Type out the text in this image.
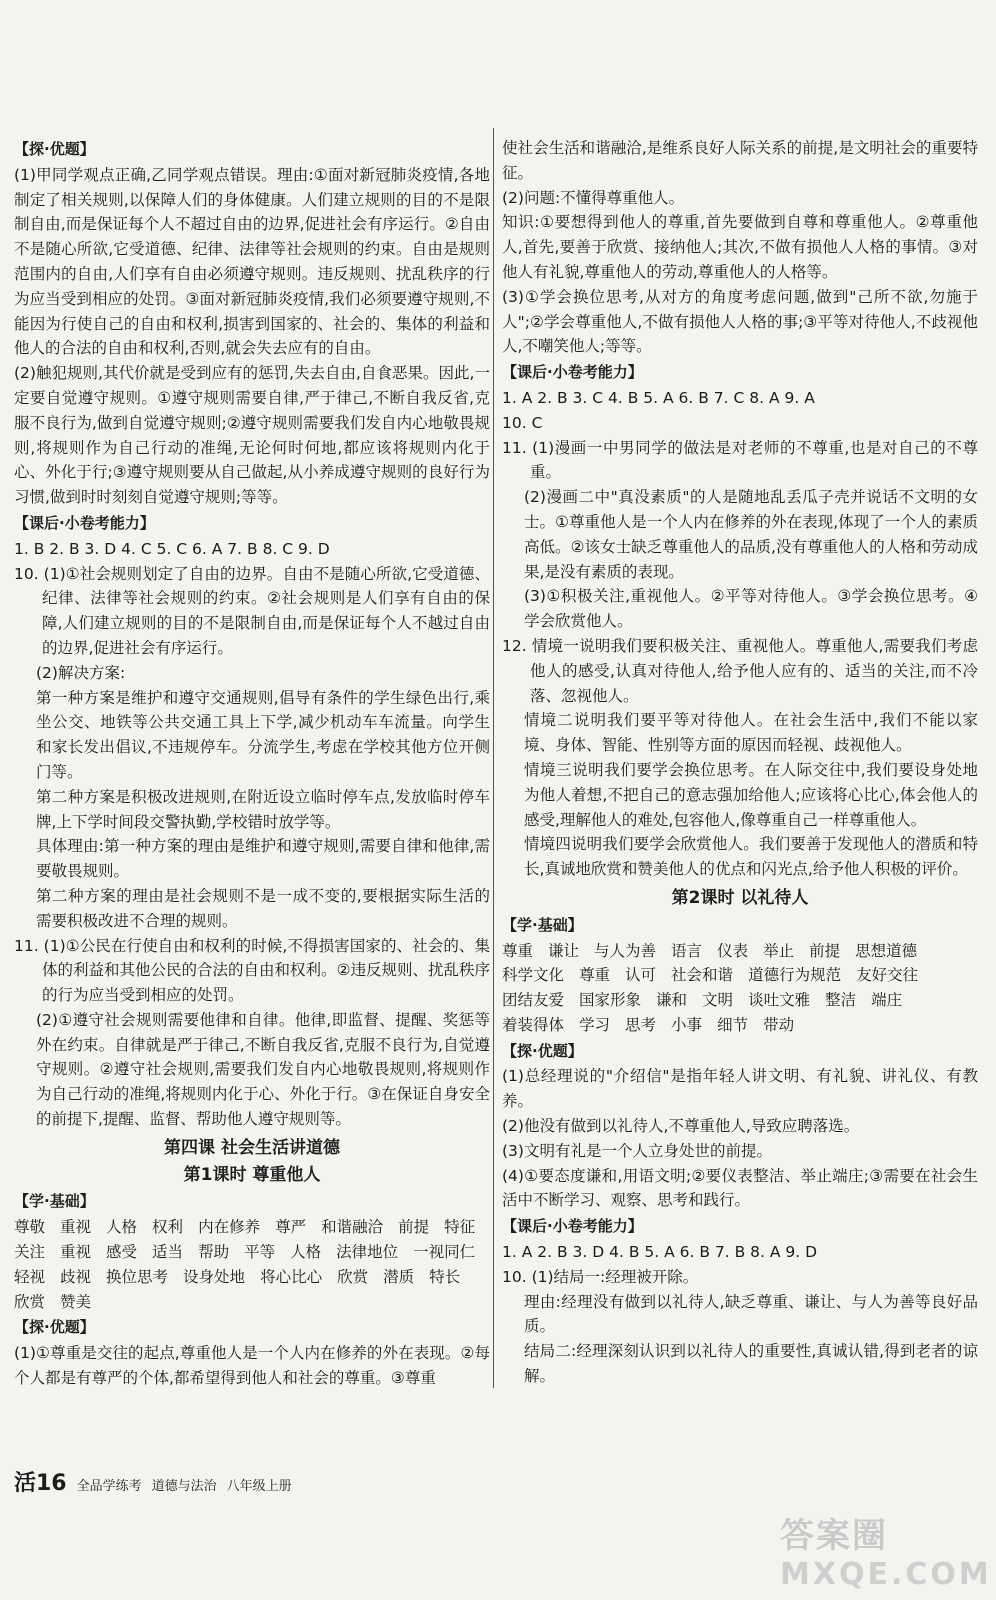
【探·优题】

(1)甲同学观点正确,乙同学观点错误。理由:①面对新冠肺炎疫情,各地制定了相关规则,以保障人们的身体健康。人们建立规则的目的不是限制自由,而是保证每个人不超过自由的边界,促进社会有序运行。②自由不是随心所欲,它受道德、纪律、法律等社会规则的约束。自由是规则范围内的自由,人们享有自由必须遵守规则。违反规则、扰乱秩序的行为应当受到相应的处罚。③面对新冠肺炎疫情,我们必须要遵守规则,不能因为行使自己的自由和权利,损害到国家的、社会的、集体的利益和他人的合法的自由和权利,否则,就会失去应有的自由。

(2)触犯规则,其代价就是受到应有的惩罚,失去自由,自食恶果。因此,一定要自觉遵守规则。①遵守规则需要自律,严于律己,不断自我反省,克服不良行为,做到自觉遵守规则;②遵守规则需要我们发自内心地敬畏规则,将规则作为自己行动的准绳,无论何时何地,都应该将规则内化于心、外化于行;③遵守规则要从自己做起,从小养成遵守规则的良好行为习惯,做到时时刻刻自觉遵守规则;等等。

【课后·小卷考能力】

1. B 2. B 3. D 4. C 5. C 6. A 7. B 8. C 9. D

10. (1)①社会规则划定了自由的边界。自由不是随心所欲,它受道德、纪律、法律等社会规则的约束。②社会规则是人们享有自由的保障,人们建立规则的目的不是限制自由,而是保证每个人不越过自由的边界,促进社会有序运行。

(2)解决方案:

第一种方案是维护和遵守交通规则,倡导有条件的学生绿色出行,乘坐公交、地铁等公共交通工具上下学,减少机动车车流量。向学生和家长发出倡议,不违规停车。分流学生,考虑在学校其他方位开侧门等。

第二种方案是积极改进规则,在附近设立临时停车点,发放临时停车牌,上下学时间段交警执勤,学校错时放学等。

具体理由:第一种方案的理由是维护和遵守规则,需要自律和他律,需要敬畏规则。

第二种方案的理由是社会规则不是一成不变的,要根据实际生活的需要积极改进不合理的规则。

11. (1)①公民在行使自由和权利的时候,不得损害国家的、社会的、集体的利益和其他公民的合法的自由和权利。②违反规则、扰乱秩序的行为应当受到相应的处罚。

(2)①遵守社会规则需要他律和自律。他律,即监督、提醒、奖惩等外在约束。自律就是严于律己,不断自我反省,克服不良行为,自觉遵守规则。②遵守社会规则,需要我们发自内心地敬畏规则,将规则作为自己行动的准绳,将规则内化于心、外化于行。③在保证自身安全的前提下,提醒、监督、帮助他人遵守规则等。

第四课 社会生活讲道德
第1课时 尊重他人
【学·基础】
尊敬 重视 人格 权利 内在修养 尊严 和谐融洽 前提 特征
关注 重视 感受 适当 帮助 平等 人格 法律地位 一视同仁
轻视 歧视 换位思考 设身处地 将心比心 欣赏 潜质 特长
欣赏 赞美
【探·优题】

(1)①尊重是交往的起点,尊重他人是一个人内在修养的外在表现。②每个人都是有尊严的个体,都希望得到他人和社会的尊重。③尊重

使社会生活和谐融洽,是维系良好人际关系的前提,是文明社会的重要特征。

(2)问题:不懂得尊重他人。

知识:①要想得到他人的尊重,首先要做到自尊和尊重他人。②尊重他人,首先,要善于欣赏、接纳他人;其次,不做有损他人人格的事情。③对他人有礼貌,尊重他人的劳动,尊重他人的人格等。

(3)①学会换位思考,从对方的角度考虑问题,做到"己所不欲,勿施于人";②学会尊重他人,不做有损他人人格的事;③平等对待他人,不歧视他人,不嘲笑他人;等等。

【课后·小卷考能力】

1. A 2. B 3. C 4. B 5. A 6. B 7. C 8. A 9. A

10. C

11. (1)漫画一中男同学的做法是对老师的不尊重,也是对自己的不尊重。

(2)漫画二中"真没素质"的人是随地乱丢瓜子壳并说话不文明的女士。①尊重他人是一个人内在修养的外在表现,体现了一个人的素质高低。②该女士缺乏尊重他人的品质,没有尊重他人的人格和劳动成果,是没有素质的表现。

(3)①积极关注,重视他人。②平等对待他人。③学会换位思考。④学会欣赏他人。

12. 情境一说明我们要积极关注、重视他人。尊重他人,需要我们考虑他人的感受,认真对待他人,给予他人应有的、适当的关注,而不冷落、忽视他人。

情境二说明我们要平等对待他人。在社会生活中,我们不能以家境、身体、智能、性别等方面的原因而轻视、歧视他人。

情境三说明我们要学会换位思考。在人际交往中,我们要设身处地为他人着想,不把自己的意志强加给他人;应该将心比心,体会他人的感受,理解他人的难处,包容他人,像尊重自己一样尊重他人。

情境四说明我们要学会欣赏他人。我们要善于发现他人的潜质和特长,真诚地欣赏和赞美他人的优点和闪光点,给予他人积极的评价。

第2课时 以礼待人
【学·基础】
尊重 谦让 与人为善 语言 仪表 举止 前提 思想道德
科学文化 尊重 认可 社会和谐 道德行为规范 友好交往
团结友爱 国家形象 谦和 文明 谈吐文雅 整洁 端庄
着装得体 学习 思考 小事 细节 带动
【探·优题】

(1)总经理说的"介绍信"是指年轻人讲文明、有礼貌、讲礼仪、有教养。

(2)他没有做到以礼待人,不尊重他人,导致应聘落选。

(3)文明有礼是一个人立身处世的前提。

(4)①要态度谦和,用语文明;②要仪表整洁、举止端庄;③需要在社会生活中不断学习、观察、思考和践行。

【课后·小卷考能力】

1. A 2. B 3. D 4. B 5. A 6. B 7. B 8. A 9. D

10. (1)结局一:经理被开除。

理由:经理没有做到以礼待人,缺乏尊重、谦让、与人为善等良好品质。

结局二:经理深刻认识到以礼待人的重要性,真诚认错,得到老者的谅解。

活16 全品学练考 道德与法治 八年级上册
答案圈
MXQE.COM
